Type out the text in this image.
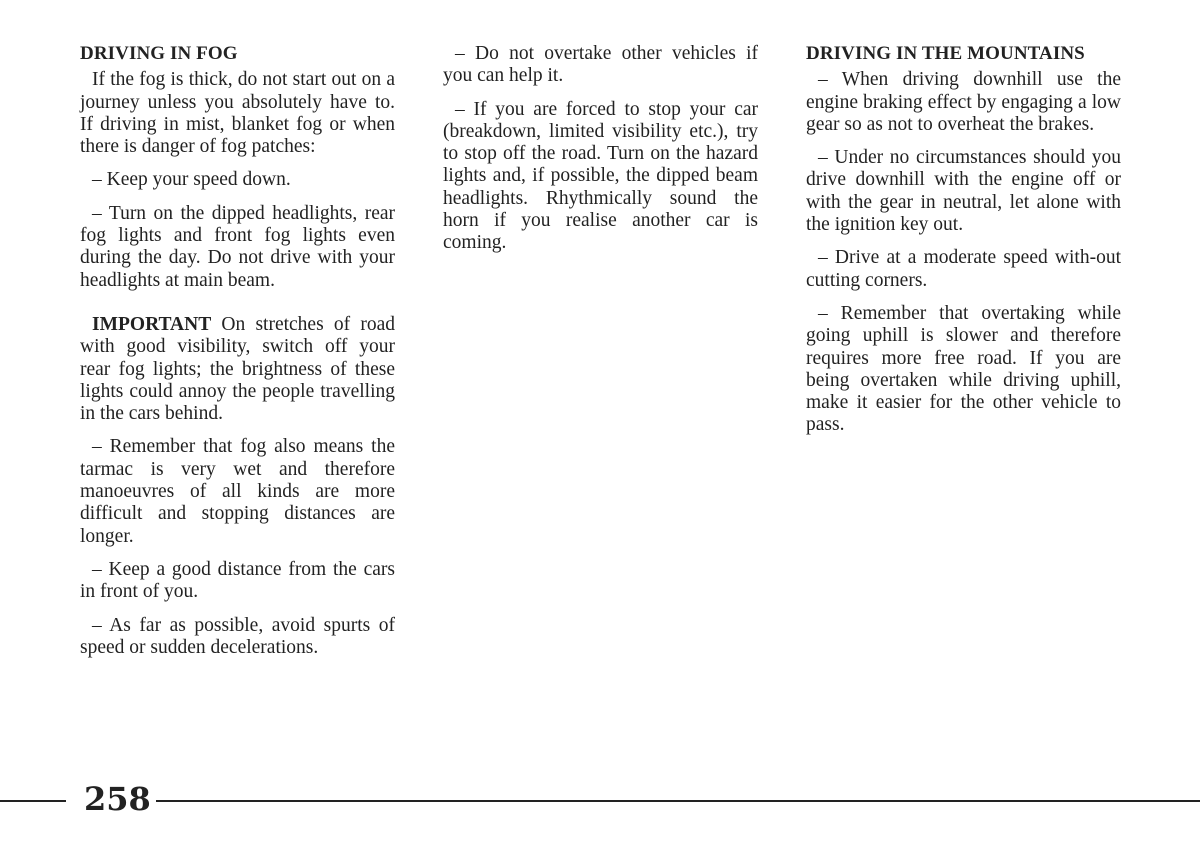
DRIVING IN FOG

If the fog is thick, do not start out on a journey unless you absolutely have to. If driving in mist, blanket fog or when there is danger of fog patches:

– Keep your speed down.

– Turn on the dipped headlights, rear fog lights and front fog lights even during the day. Do not drive with your headlights at main beam.

IMPORTANT On stretches of road with good visibility, switch off your rear fog lights; the brightness of these lights could annoy the people travelling in the cars behind.

– Remember that fog also means the tarmac is very wet and therefore manoeuvres of all kinds are more difficult and stopping distances are longer.

– Keep a good distance from the cars in front of you.

– As far as possible, avoid spurts of speed or sudden decelerations.

– Do not overtake other vehicles if you can help it.

– If you are forced to stop your car (breakdown, limited visibility etc.), try to stop off the road. Turn on the hazard lights and, if possible, the dipped beam headlights. Rhythmically sound the horn if you realise another car is coming.

DRIVING IN THE MOUNTAINS

– When driving downhill use the engine braking effect by engaging a low gear so as not to overheat the brakes.

– Under no circumstances should you drive downhill with the engine off or with the gear in neutral, let alone with the ignition key out.

– Drive at a moderate speed with-out cutting corners.

– Remember that overtaking while going uphill is slower and therefore requires more free road. If you are being overtaken while driving uphill, make it easier for the other vehicle to pass.

258
